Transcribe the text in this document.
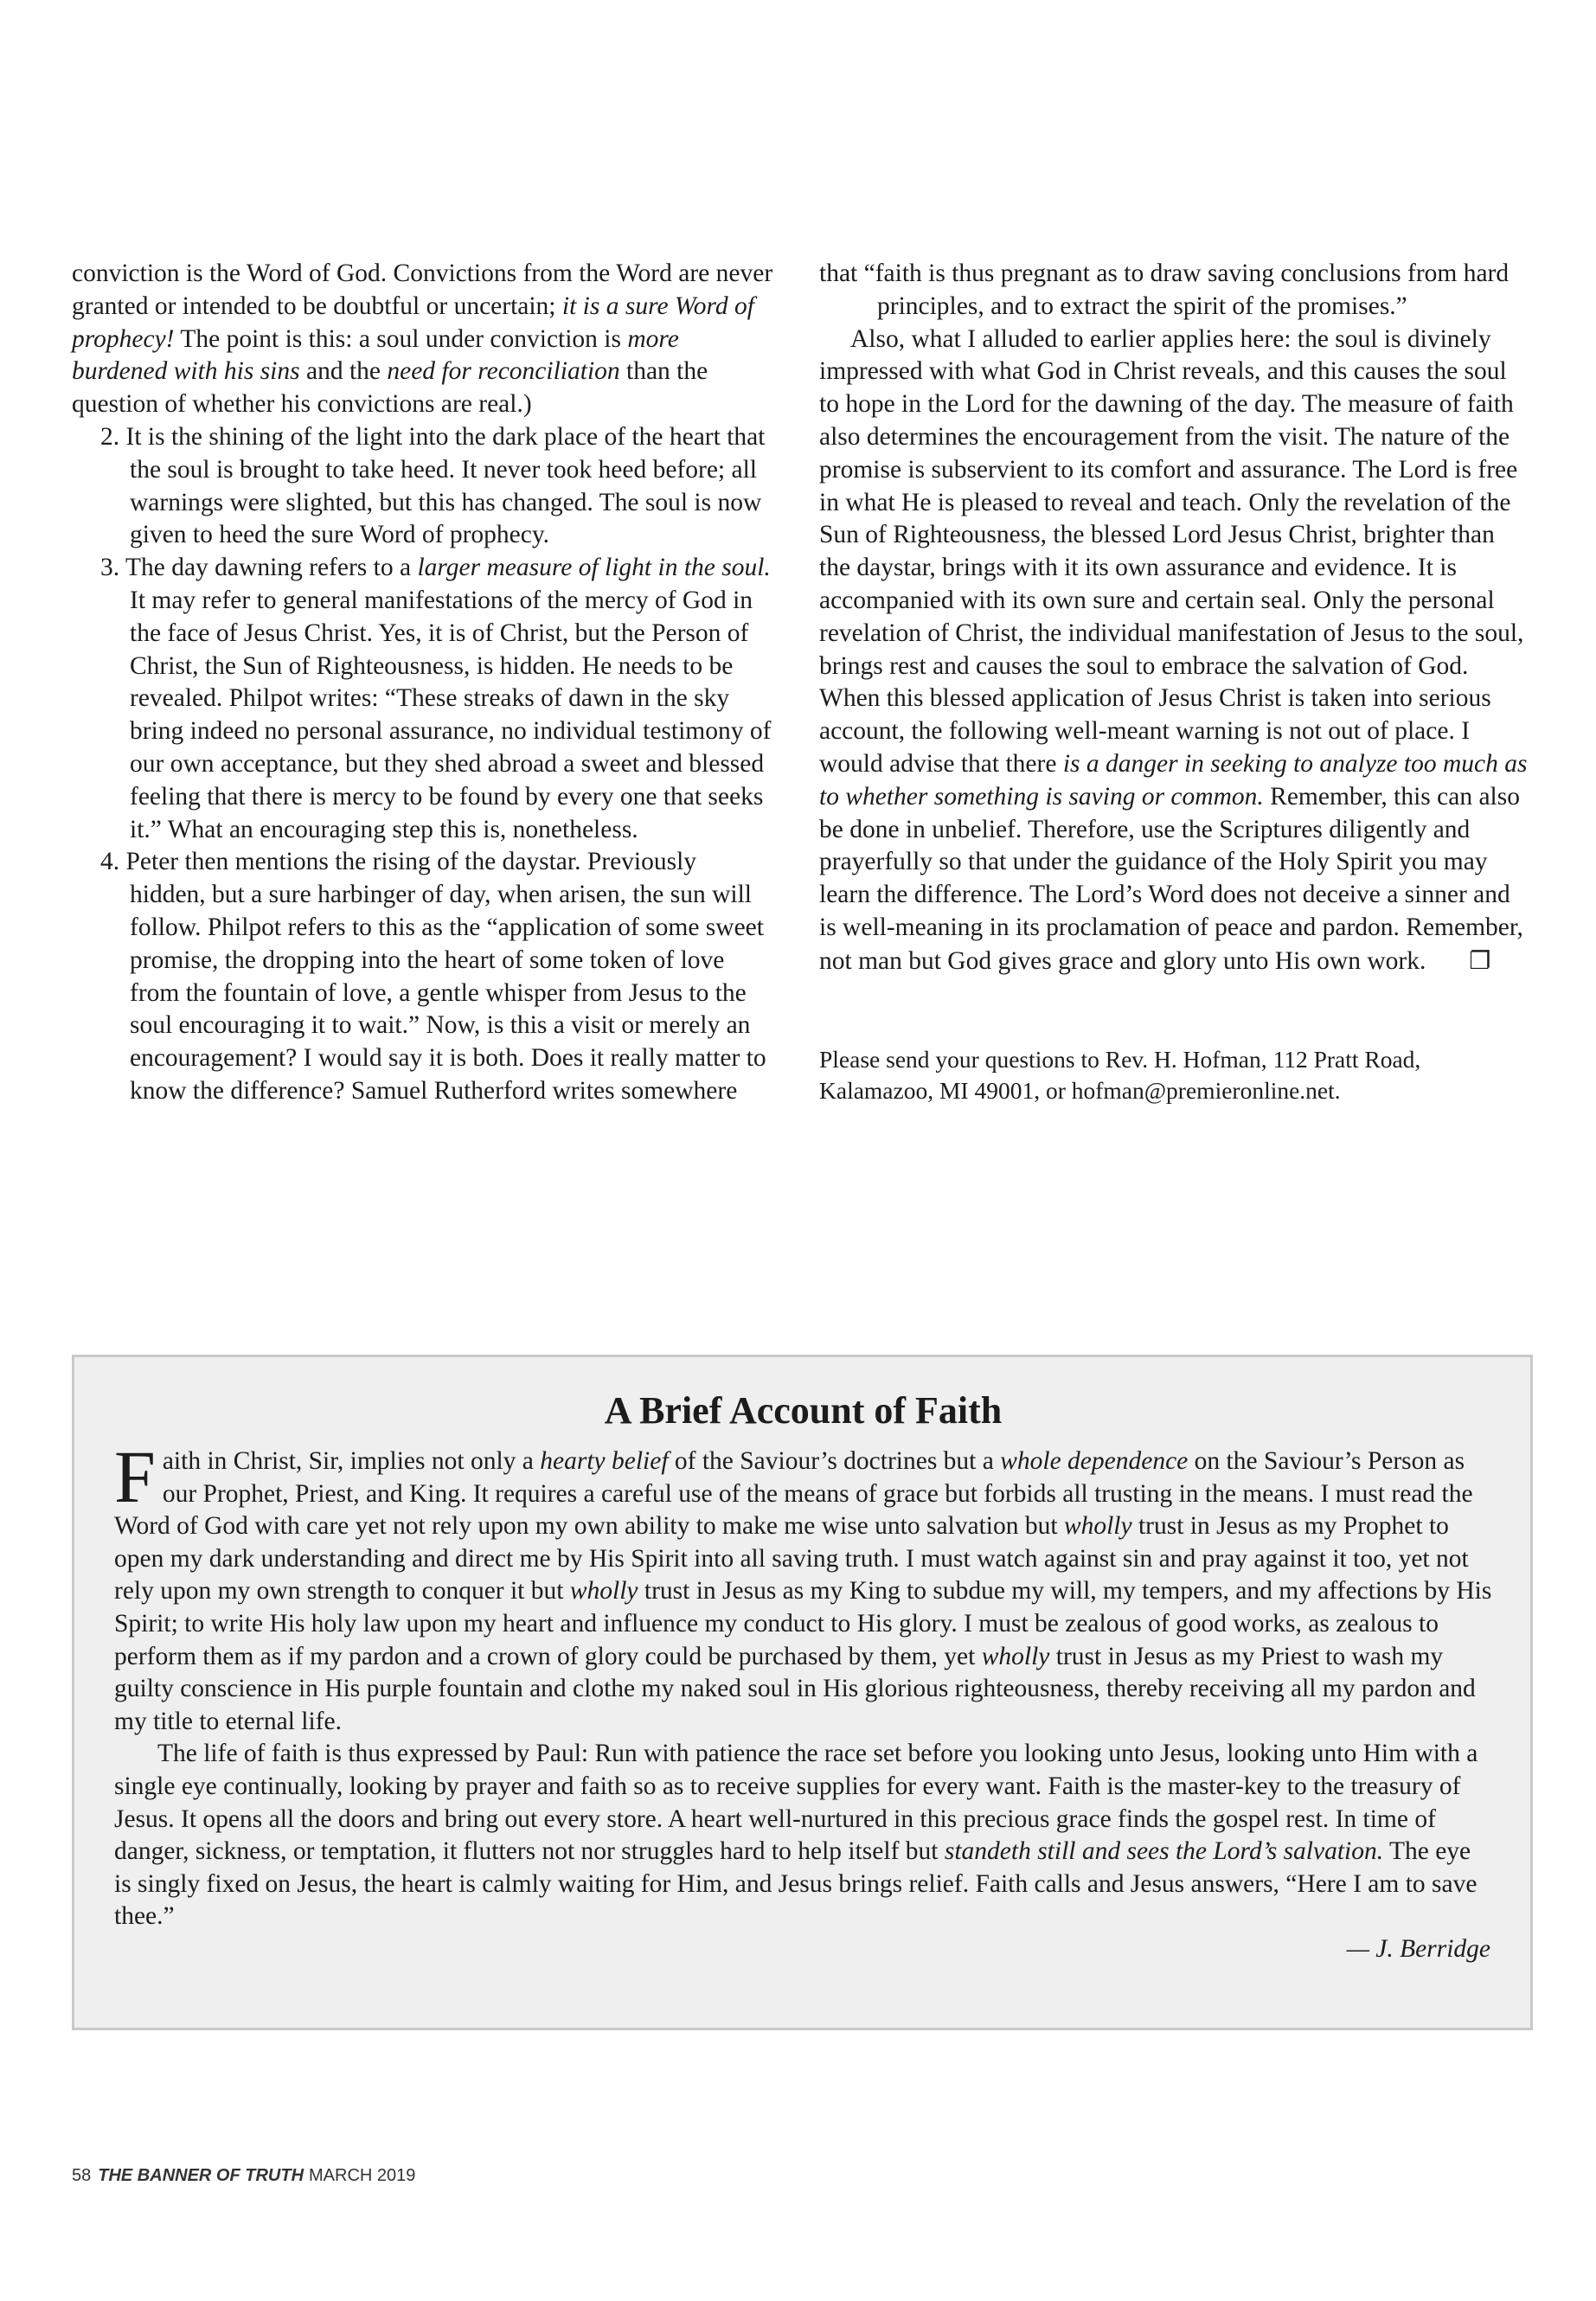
conviction is the Word of God. Convictions from the Word are never granted or intended to be doubtful or uncertain; it is a sure Word of prophecy! The point is this: a soul under conviction is more burdened with his sins and the need for reconciliation than the question of whether his convictions are real.)

2. It is the shining of the light into the dark place of the heart that the soul is brought to take heed. It never took heed before; all warnings were slighted, but this has changed. The soul is now given to heed the sure Word of prophecy.
3. The day dawning refers to a larger measure of light in the soul. It may refer to general manifestations of the mercy of God in the face of Jesus Christ. Yes, it is of Christ, but the Person of Christ, the Sun of Righteousness, is hidden. He needs to be revealed. Philpot writes: “These streaks of dawn in the sky bring indeed no personal assurance, no individual testimony of our own acceptance, but they shed abroad a sweet and blessed feeling that there is mercy to be found by every one that seeks it.” What an encouraging step this is, nonetheless.
4. Peter then mentions the rising of the daystar. Previously hidden, but a sure harbinger of day, when arisen, the sun will follow. Philpot refers to this as the “application of some sweet promise, the dropping into the heart of some token of love from the fountain of love, a gentle whisper from Jesus to the soul encouraging it to wait.” Now, is this a visit or merely an encouragement? I would say it is both. Does it really matter to know the difference? Samuel Rutherford writes somewhere

that “faith is thus pregnant as to draw saving conclusions from hard principles, and to extract the spirit of the promises.”

Also, what I alluded to earlier applies here: the soul is divinely impressed with what God in Christ reveals, and this causes the soul to hope in the Lord for the dawning of the day. The measure of faith also determines the encouragement from the visit. The nature of the promise is subservient to its comfort and assurance. The Lord is free in what He is pleased to reveal and teach. Only the revelation of the Sun of Righteousness, the blessed Lord Jesus Christ, brighter than the daystar, brings with it its own assurance and evidence. It is accompanied with its own sure and certain seal. Only the personal revelation of Christ, the individual manifestation of Jesus to the soul, brings rest and causes the soul to embrace the salvation of God. When this blessed application of Jesus Christ is taken into serious account, the following well-meant warning is not out of place. I would advise that there is a danger in seeking to analyze too much as to whether something is saving or common. Remember, this can also be done in unbelief. Therefore, use the Scriptures diligently and prayerfully so that under the guidance of the Holy Spirit you may learn the difference. The Lord’s Word does not deceive a sinner and is well-meaning in its proclamation of peace and pardon. Remember, not man but God gives grace and glory unto His own work. ❐

Please send your questions to Rev. H. Hofman, 112 Pratt Road, Kalamazoo, MI 49001, or hofman@premieronline.net.

A Brief Account of Faith

Faith in Christ, Sir, implies not only a hearty belief of the Saviour’s doctrines but a whole dependence on the Saviour’s Person as our Prophet, Priest, and King. It requires a careful use of the means of grace but forbids all trusting in the means. I must read the Word of God with care yet not rely upon my own ability to make me wise unto salvation but wholly trust in Jesus as my Prophet to open my dark understanding and direct me by His Spirit into all saving truth. I must watch against sin and pray against it too, yet not rely upon my own strength to conquer it but wholly trust in Jesus as my King to subdue my will, my tempers, and my affections by His Spirit; to write His holy law upon my heart and influence my conduct to His glory. I must be zealous of good works, as zealous to perform them as if my pardon and a crown of glory could be purchased by them, yet wholly trust in Jesus as my Priest to wash my guilty conscience in His purple fountain and clothe my naked soul in His glorious righteousness, thereby receiving all my pardon and my title to eternal life.

The life of faith is thus expressed by Paul: Run with patience the race set before you looking unto Jesus, looking unto Him with a single eye continually, looking by prayer and faith so as to receive supplies for every want. Faith is the master-key to the treasury of Jesus. It opens all the doors and bring out every store. A heart well-nurtured in this precious grace finds the gospel rest. In time of danger, sickness, or temptation, it flutters not nor struggles hard to help itself but standeth still and sees the Lord’s salvation. The eye is singly fixed on Jesus, the heart is calmly waiting for Him, and Jesus brings relief. Faith calls and Jesus answers, “Here I am to save thee.”

— J. Berridge

58 THE BANNER OF TRUTH MARCH 2019
